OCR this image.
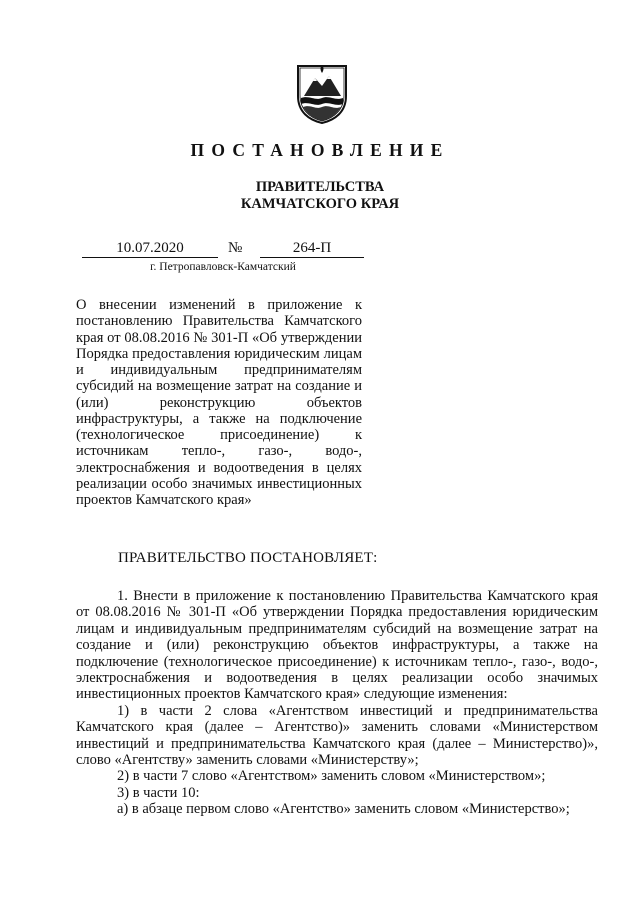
ПОСТАНОВЛЕНИЕ
ПРАВИТЕЛЬСТВА
КАМЧАТСКОГО КРАЯ
10.07.2020	№	264-П
г. Петропавловск-Камчатский
О внесении изменений в приложение к постановлению Правительства Камчатского края от 08.08.2016 № 301-П «Об утверждении Порядка предоставления юридическим лицам и индивидуальным предпринимателям субсидий на возмещение затрат на создание и (или) реконструкцию объектов инфраструктуры, а также на подключение (технологическое присоединение) к источникам тепло-, газо-, водо-, электроснабжения и водоотведения в целях реализации особо значимых инвестиционных проектов Камчатского края»
ПРАВИТЕЛЬСТВО ПОСТАНОВЛЯЕТ:

1. Внести в приложение к постановлению Правительства Камчатского края от 08.08.2016 № 301-П «Об утверждении Порядка предоставления юридическим лицам и индивидуальным предпринимателям субсидий на возмещение затрат на создание и (или) реконструкцию объектов инфраструктуры, а также на подключение (технологическое присоединение) к источникам тепло-, газо-, водо-, электроснабжения и водоотведения в целях реализации особо значимых инвестиционных проектов Камчатского края» следующие изменения:

1) в части 2 слова «Агентством инвестиций и предпринимательства Камчатского края (далее – Агентство)» заменить словами «Министерством инвестиций и предпринимательства Камчатского края (далее – Министерство)», слово «Агентству» заменить словами «Министерству»;

2) в части 7 слово «Агентством» заменить словом «Министерством»;

3) в части 10:

а) в абзаце первом слово «Агентство» заменить словом «Министерство»;
